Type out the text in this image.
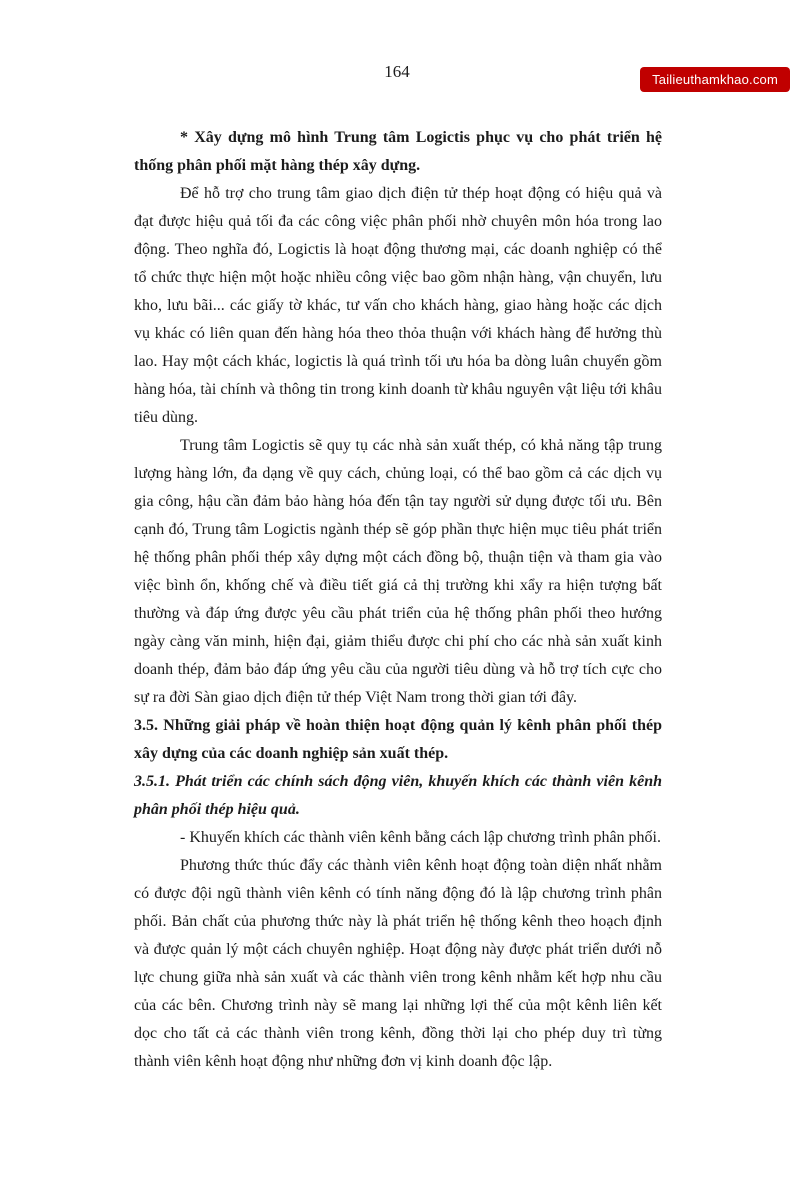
Tailieuthamkhao.com
164

* Xây dựng mô hình Trung tâm Logictis phục vụ cho phát triển hệ thống phân phối mặt hàng thép xây dựng.

Để hỗ trợ cho trung tâm giao dịch điện tử thép hoạt động có hiệu quả và đạt được hiệu quả tối đa các công việc phân phối nhờ chuyên môn hóa trong lao động. Theo nghĩa đó, Logictis là hoạt động thương mại, các doanh nghiệp có thể tổ chức thực hiện một hoặc nhiều công việc bao gồm nhận hàng, vận chuyển, lưu kho, lưu bãi... các giấy tờ khác, tư vấn cho khách hàng, giao hàng hoặc các dịch vụ khác có liên quan đến hàng hóa theo thỏa thuận với khách hàng để hưởng thù lao. Hay một cách khác, logictis là quá trình tối ưu hóa ba dòng luân chuyển gồm hàng hóa, tài chính và thông tin trong kinh doanh từ khâu nguyên vật liệu tới khâu tiêu dùng.

Trung tâm Logictis sẽ quy tụ các nhà sản xuất thép, có khả năng tập trung lượng hàng lớn, đa dạng về quy cách, chủng loại, có thể bao gồm cả các dịch vụ gia công, hậu cần đảm bảo hàng hóa đến tận tay người sử dụng được tối ưu. Bên cạnh đó, Trung tâm Logictis ngành thép sẽ góp phần thực hiện mục tiêu phát triển hệ thống phân phối thép xây dựng một cách đồng bộ, thuận tiện và tham gia vào việc bình ổn, khống chế và điều tiết giá cả thị trường khi xẩy ra hiện tượng bất thường và đáp ứng được yêu cầu phát triển của hệ thống phân phối theo hướng ngày càng văn minh, hiện đại, giảm thiểu được chi phí cho các nhà sản xuất kinh doanh thép, đảm bảo đáp ứng yêu cầu của người tiêu dùng và hỗ trợ tích cực cho sự ra đời Sàn giao dịch điện tử thép Việt Nam trong thời gian tới đây.

3.5. Những giải pháp về hoàn thiện hoạt động quản lý kênh phân phối thép xây dựng của các doanh nghiệp sản xuất thép.

3.5.1. Phát triển các chính sách động viên, khuyến khích các thành viên kênh phân phối thép hiệu quả.

- Khuyến khích các thành viên kênh bằng cách lập chương trình phân phối.

Phương thức thúc đẩy các thành viên kênh hoạt động toàn diện nhất nhằm có được đội ngũ thành viên kênh có tính năng động đó là lập chương trình phân phối. Bản chất của phương thức này là phát triển hệ thống kênh theo hoạch định và được quản lý một cách chuyên nghiệp. Hoạt động này được phát triển dưới nỗ lực chung giữa nhà sản xuất và các thành viên trong kênh nhằm kết hợp nhu cầu của các bên. Chương trình này sẽ mang lại những lợi thế của một kênh liên kết dọc cho tất cả các thành viên trong kênh, đồng thời lại cho phép duy trì từng thành viên kênh hoạt động như những đơn vị kinh doanh độc lập.
